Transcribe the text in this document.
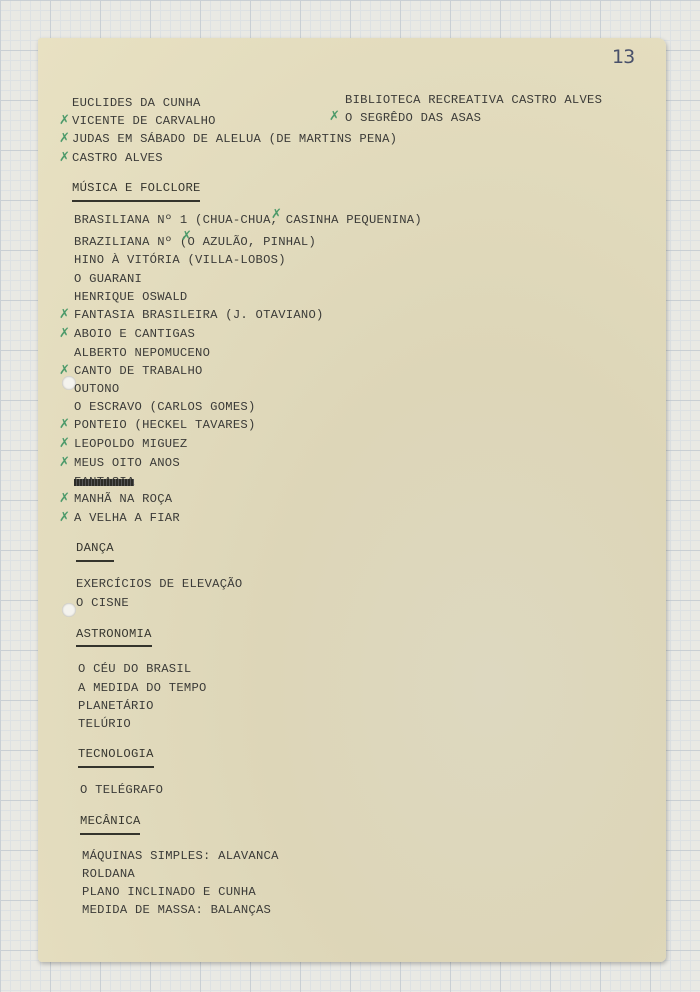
13
EUCLIDES DA CUNHA	BIBLIOTECA RECREATIVA CASTRO ALVES
✗
O SEGRÊDO DAS ASAS
✗
VICENTE DE CARVALHO
✗
JUDAS EM SÁBADO DE ALELUA (DE MARTINS PENA)
✗
CASTRO ALVES
MÚSICA E FOLCLORE
BRASILIANA Nº 1 (CHUA-CHUA, CASINHA PEQUENINA)
✗
BRAZILIANA Nº (O AZULÃO, PINHAL)
✗
HINO À VITÓRIA (VILLA-LOBOS)
O GUARANI
HENRIQUE OSWALD
✗
FANTASIA BRASILEIRA (J. OTAVIANO)
✗
ABOIO E CANTIGAS
ALBERTO NEPOMUCENO
✗
CANTO DE TRABALHO
OUTONO
O ESCRAVO (CARLOS GOMES)
✗
PONTEIO (HECKEL TAVARES)
✗
LEOPOLDO MIGUEZ
✗
MEUS OITO ANOS
✗
MANHÃ NA ROÇA
✗
A VELHA A FIAR
DANÇA
EXERCÍCIOS DE ELEVAÇÃO
O CISNE
ASTRONOMIA
O CÉU DO BRASIL
A MEDIDA DO TEMPO
PLANETÁRIO
TELÚRIO
TECNOLOGIA
O TELÉGRAFO
MECÂNICA
MÁQUINAS SIMPLES: ALAVANCA
ROLDANA
PLANO INCLINADO E CUNHA
MEDIDA DE MASSA: BALANÇAS
